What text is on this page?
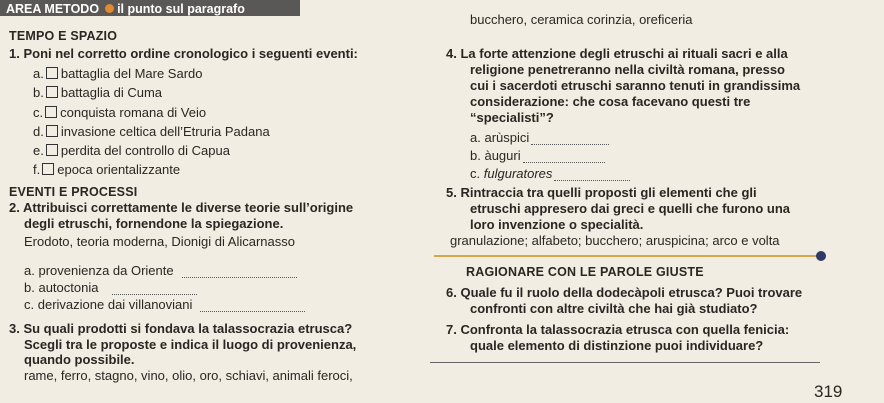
AREA METODO il punto sul paragrafo
TEMPO E SPAZIO
1. Poni nel corretto ordine cronologico i seguenti eventi:
a. battaglia del Mare Sardo
b. battaglia di Cuma
c. conquista romana di Veio
d. invasione celtica dell’Etruria Padana
e. perdita del controllo di Capua
f. epoca orientalizzante
EVENTI E PROCESSI
2. Attribuisci correttamente le diverse teorie sull’origine
degli etruschi, fornendone la spiegazione.
Erodoto, teoria moderna, Dionigi di Alicarnasso
a. provenienza da Oriente
b. autoctonia
c. derivazione dai villanoviani
3. Su quali prodotti si fondava la talassocrazia etrusca?
Scegli tra le proposte e indica il luogo di provenienza,
quando possibile.
rame, ferro, stagno, vino, olio, oro, schiavi, animali feroci,
bucchero, ceramica corinzia, oreficeria
4. La forte attenzione degli etruschi ai rituali sacri e alla
religione penetreranno nella civiltà romana, presso
cui i sacerdoti etruschi saranno tenuti in grandissima
considerazione: che cosa facevano questi tre
“specialisti”?
a. arùspici
b. àuguri
c. fulguratores
5. Rintraccia tra quelli proposti gli elementi che gli
etruschi appresero dai greci e quelli che furono una
loro invenzione o specialità.
granulazione; alfabeto; bucchero; aruspicina; arco e volta
RAGIONARE CON LE PAROLE GIUSTE
6. Quale fu il ruolo della dodecàpoli etrusca? Puoi trovare
confronti con altre civiltà che hai già studiato?
7. Confronta la talassocrazia etrusca con quella fenicia:
quale elemento di distinzione puoi individuare?
319
